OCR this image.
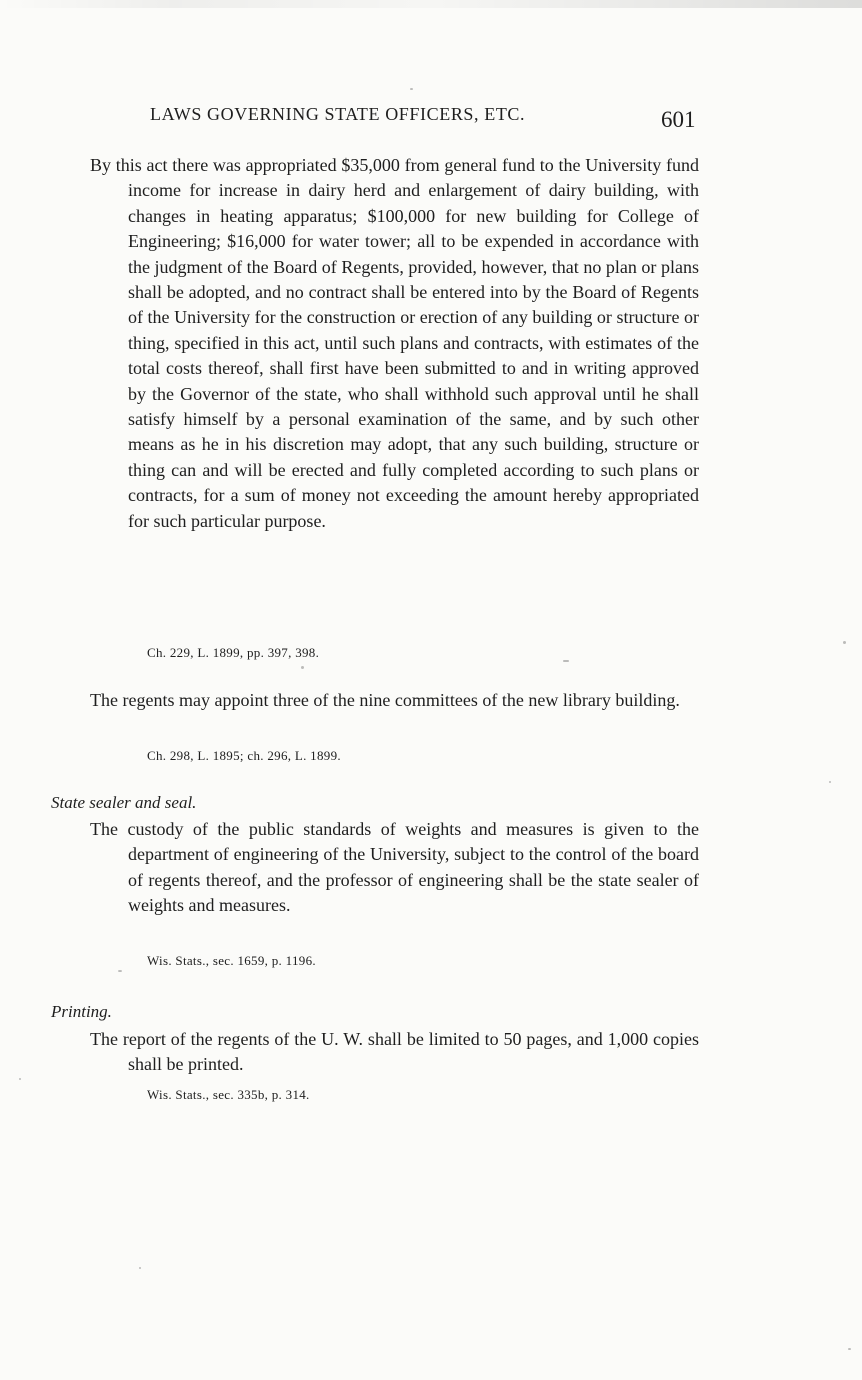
LAWS GOVERNING STATE OFFICERS, ETC.	601

By this act there was appropriated $35,000 from general fund to the University fund income for increase in dairy herd and enlargement of dairy building, with changes in heating apparatus; $100,000 for new building for College of Engineering; $16,000 for water tower; all to be expended in accordance with the judgment of the Board of Regents, provided, however, that no plan or plans shall be adopted, and no contract shall be entered into by the Board of Regents of the University for the construction or erection of any building or structure or thing, specified in this act, until such plans and contracts, with estimates of the total costs thereof, shall first have been submitted to and in writing approved by the Governor of the state, who shall withhold such approval until he shall satisfy himself by a personal examination of the same, and by such other means as he in his discretion may adopt, that any such building, structure or thing can and will be erected and fully completed according to such plans or contracts, for a sum of money not exceeding the amount hereby appropriated for such particular purpose.

Ch. 229, L. 1899, pp. 397, 398.

The regents may appoint three of the nine committees of the new library building.

Ch. 298, L. 1895; ch. 296, L. 1899.

State sealer and seal.

The custody of the public standards of weights and measures is given to the department of engineering of the University, subject to the control of the board of regents thereof, and the professor of engineering shall be the state sealer of weights and measures.

Wis. Stats., sec. 1659, p. 1196.

Printing.

The report of the regents of the U. W. shall be limited to 50 pages, and 1,000 copies shall be printed.

Wis. Stats., sec. 335b, p. 314.
